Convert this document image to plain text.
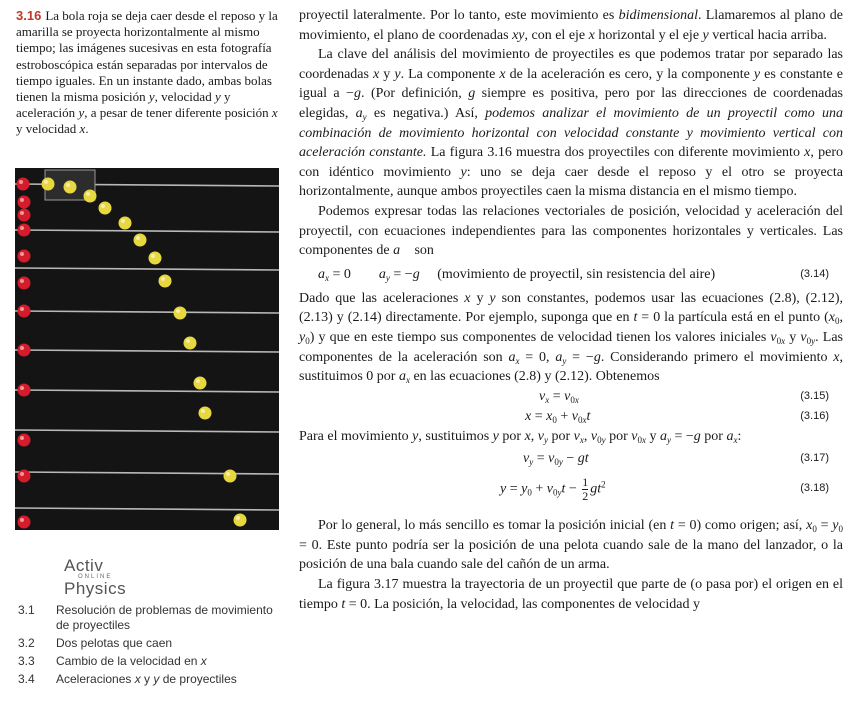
3.16 La bola roja se deja caer desde el reposo y la amarilla se proyecta horizontalmente al mismo tiempo; las imágenes sucesivas en esta fotografía estroboscópica están separadas por intervalos de tiempo iguales. En un instante dado, ambas bolas tienen la misma posición y, velocidad y y aceleración y, a pesar de tener diferente posición x y velocidad x.
Activ
ONLINE
Physics
3.1	Resolución de problemas de movimiento de proyectiles
3.2	Dos pelotas que caen
3.3	Cambio de la velocidad en x
3.4	Aceleraciones x y y de proyectiles

proyectil lateralmente. Por lo tanto, este movimiento es bidimensional. Llamaremos al plano de movimiento, el plano de coordenadas xy, con el eje x horizontal y el eje y vertical hacia arriba.

La clave del análisis del movimiento de proyectiles es que podemos tratar por separado las coordenadas x y y. La componente x de la aceleración es cero, y la componente y es constante e igual a −g. (Por definición, g siempre es positiva, pero por las direcciones de coordenadas elegidas, $a_y$ es negativa.) Así, podemos analizar el movimiento de un proyectil como una combinación de movimiento horizontal con velocidad constante y movimiento vertical con aceleración constante. La figura 3.16 muestra dos proyectiles con diferente movimiento x, pero con idéntico movimiento y: uno se deja caer desde el reposo y el otro se proyecta horizontalmente, aunque ambos proyectiles caen la misma distancia en el mismo tiempo.

Podemos expresar todas las relaciones vectoriales de posición, velocidad y aceleración del proyectil, con ecuaciones independientes para las componentes horizontales y verticales. Las componentes de a⃗ son

$a_x = 0$        $a_y = -g$     (movimiento de proyectil, sin resistencia del aire)	(3.14)

Dado que las aceleraciones x y y son constantes, podemos usar las ecuaciones (2.8), (2.12), (2.13) y (2.14) directamente. Por ejemplo, suponga que en t = 0 la partícula está en el punto ($x_0$, $y_0$) y que en este tiempo sus componentes de velocidad tienen los valores iniciales $v_{0x}$ y $v_{0y}$. Las componentes de la aceleración son $a_x = 0$, $a_y = -g$. Considerando primero el movimiento x, sustituimos 0 por $a_x$ en las ecuaciones (2.8) y (2.12). Obtenemos

$v_x = v_{0x}$	(3.15)
$x = x_0 + v_{0x}t$	(3.16)

Para el movimiento y, sustituimos y por x, $v_y$ por $v_x$, $v_{0y}$ por $v_{0x}$ y $a_y = -g$ por $a_x$:

$v_y = v_{0y}$ − gt	(3.17)
$y = y_0 + v_{0y}t - \frac{1}{2} gt^2$	(3.18)

Por lo general, lo más sencillo es tomar la posición inicial (en t = 0) como origen; así, $x_0 = y_0 = 0$. Este punto podría ser la posición de una pelota cuando sale de la mano del lanzador, o la posición de una bala cuando sale del cañón de un arma.

La figura 3.17 muestra la trayectoria de un proyectil que parte de (o pasa por) el origen en el tiempo t = 0. La posición, la velocidad, las componentes de velocidad y
